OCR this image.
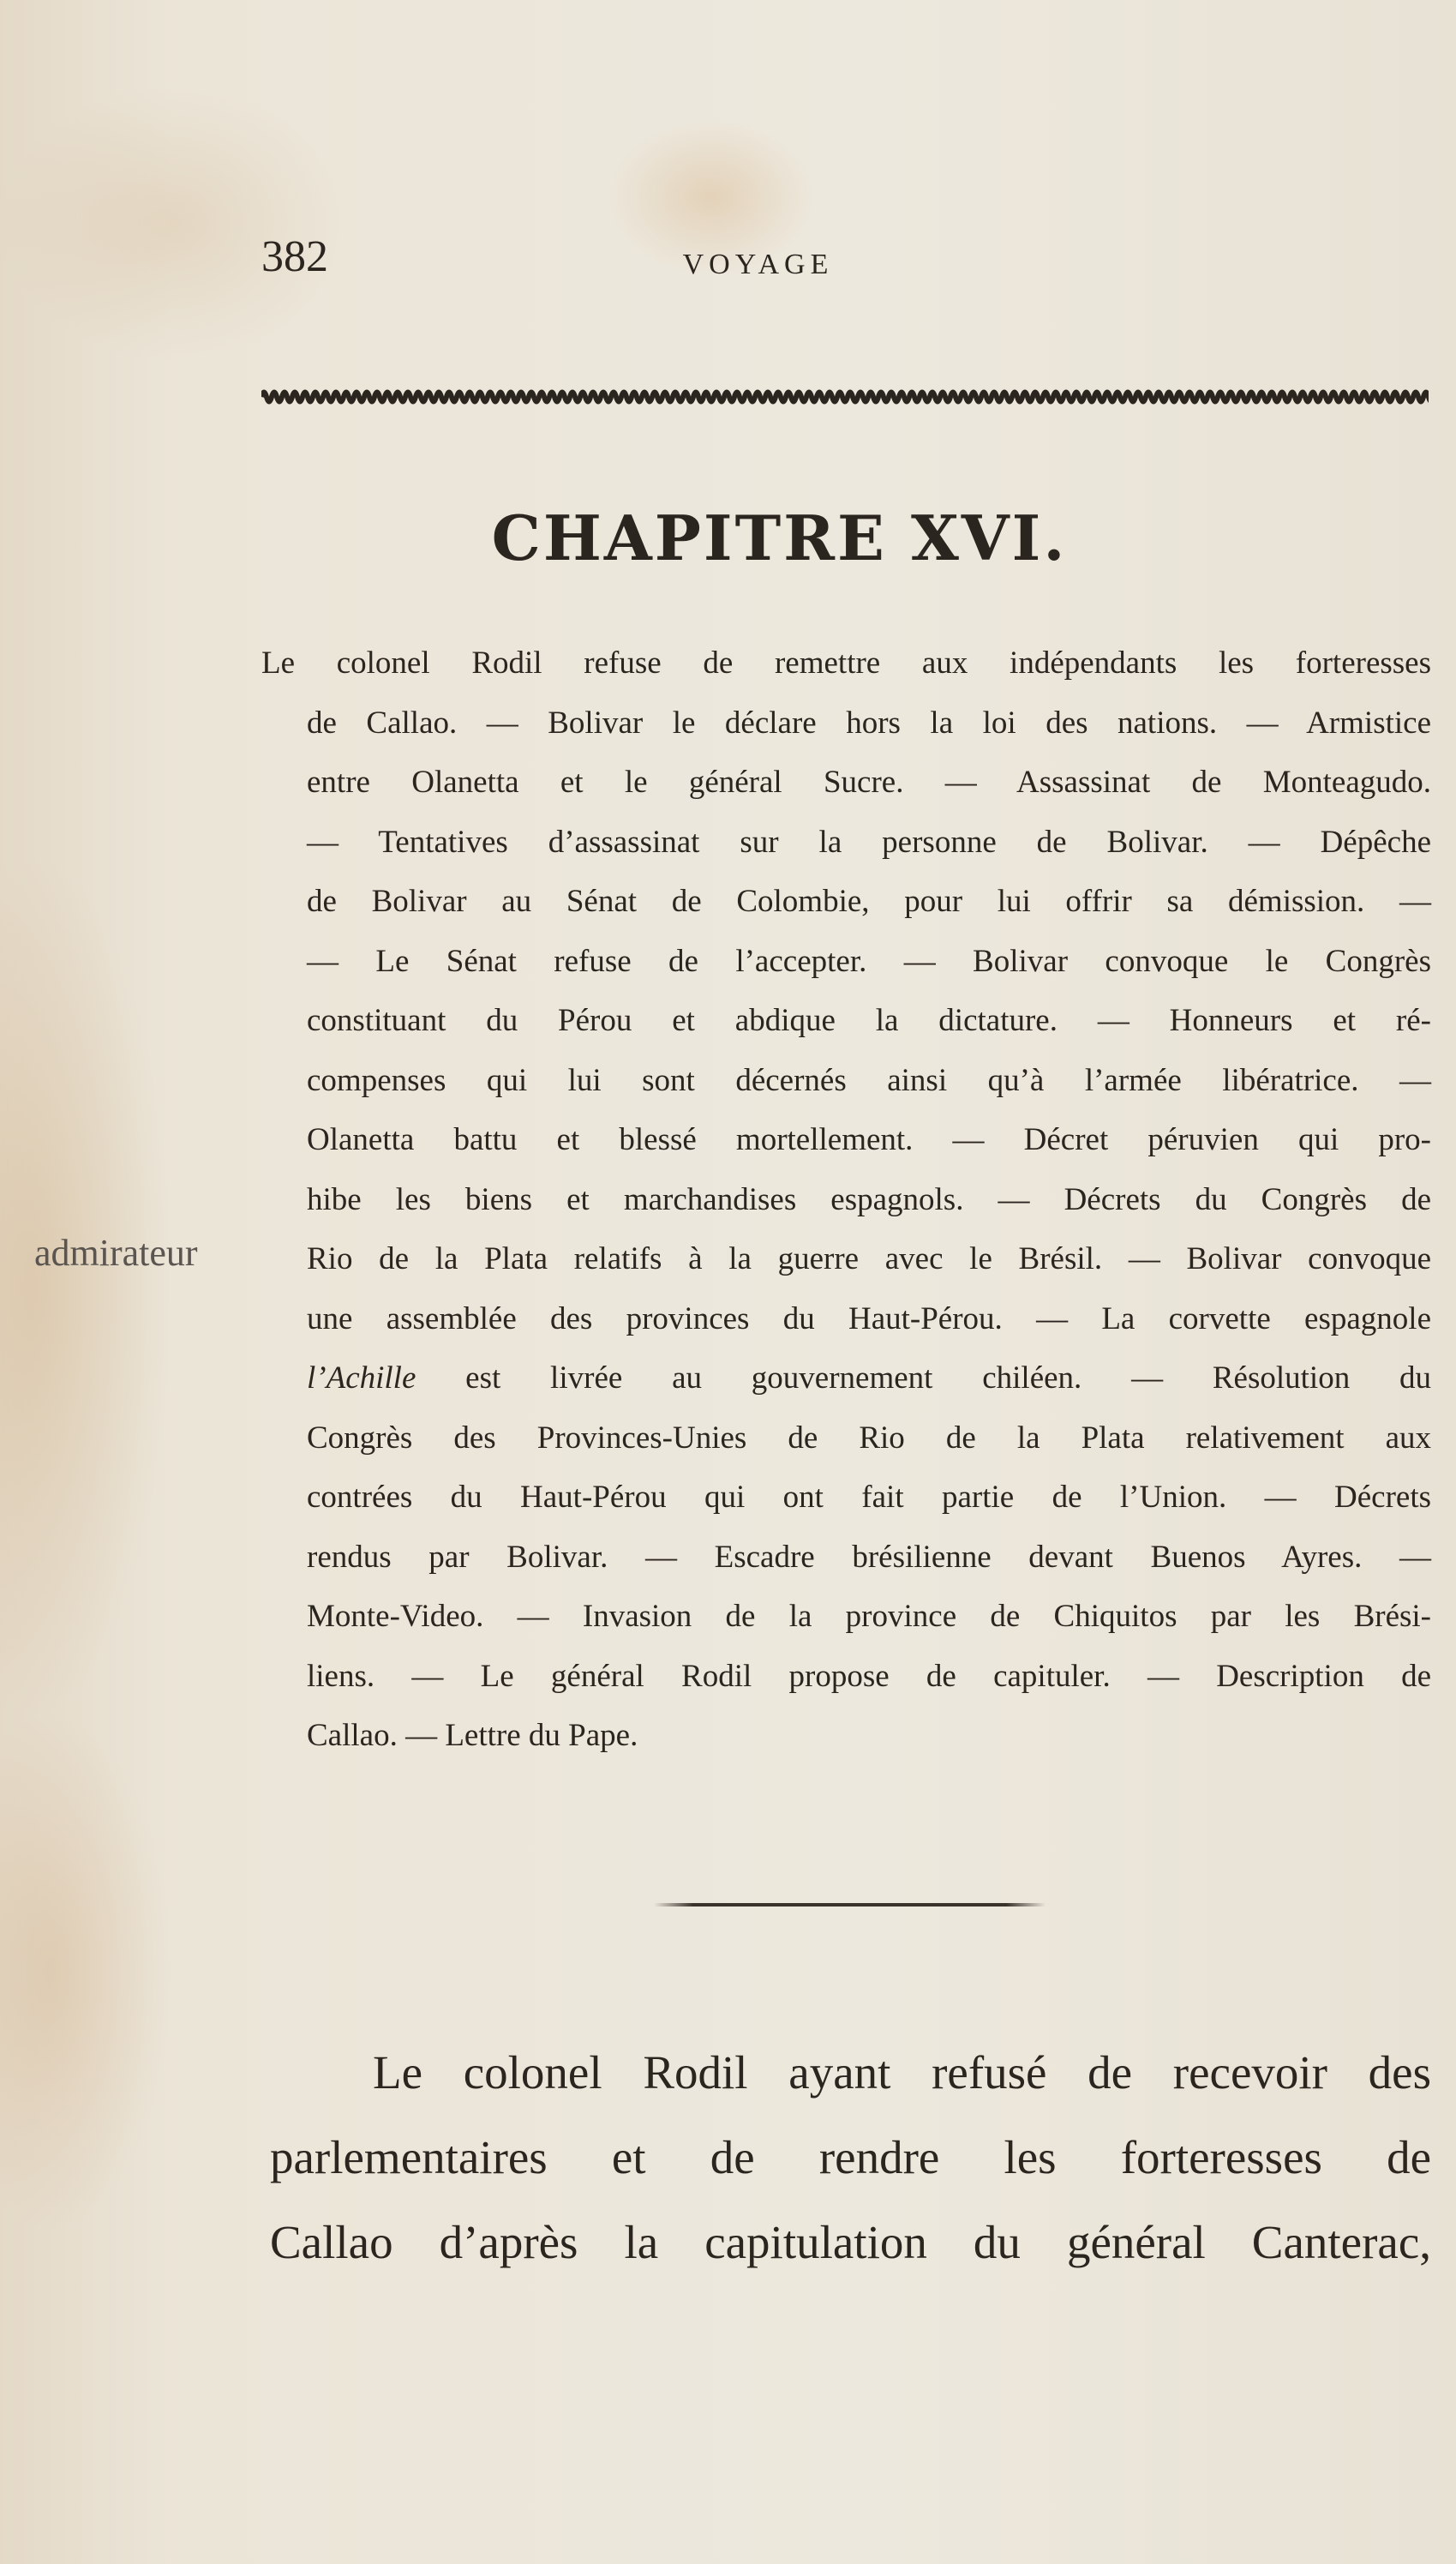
382	VOYAGE
CHAPITRE XVI.
Le colonel Rodil refuse de remettre aux indépendants les forteresses
de Callao. — Bolivar le déclare hors la loi des nations. — Armistice
entre Olanetta et le général Sucre. — Assassinat de Monteagudo.
— Tentatives d’assassinat sur la personne de Bolivar. — Dépêche
de Bolivar au Sénat de Colombie, pour lui offrir sa démission. —
— Le Sénat refuse de l’accepter. — Bolivar convoque le Congrès
constituant du Pérou et abdique la dictature. — Honneurs et ré-
compenses qui lui sont décernés ainsi qu’à l’armée libératrice. —
Olanetta battu et blessé mortellement. — Décret péruvien qui pro-
hibe les biens et marchandises espagnols. — Décrets du Congrès de
Rio de la Plata relatifs à la guerre avec le Brésil. — Bolivar convoque
une assemblée des provinces du Haut-Pérou. — La corvette espagnole
l’Achille est livrée au gouvernement chiléen. — Résolution du
Congrès des Provinces-Unies de Rio de la Plata relativement aux
contrées du Haut-Pérou qui ont fait partie de l’Union. — Décrets
rendus par Bolivar. — Escadre brésilienne devant Buenos Ayres. —
Monte-Video. — Invasion de la province de Chiquitos par les Brési-
liens. — Le général Rodil propose de capituler. — Description de
Callao. — Lettre du Pape.
admirateur
Le colonel Rodil ayant refusé de recevoir des
parlementaires et de rendre les forteresses de
Callao d’après la capitulation du général Canterac,
